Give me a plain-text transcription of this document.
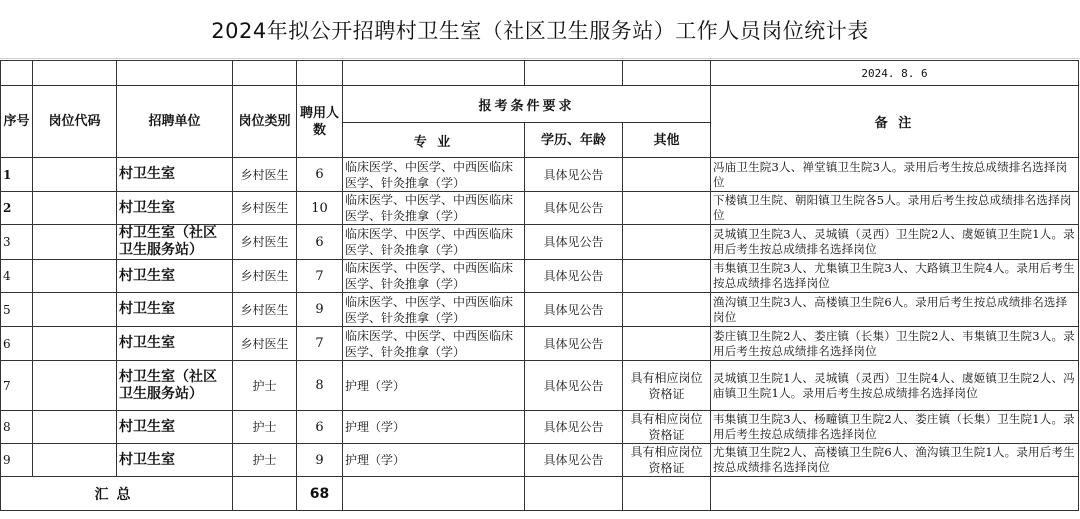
2024年拟公开招聘村卫生室（社区卫生服务站）工作人员岗位统计表
								2024. 8. 6
序号	岗位代码	招聘单位	岗位类别	聘用人数	报考条件要求			备 注
					专 业	学历、年龄	其他	
1		村卫生室	乡村医生	6	临床医学、中医学、中西医临床医学、针灸推拿（学）	具体见公告		冯庙卫生院3人、禅堂镇卫生院3人。录用后考生按总成绩排名选择岗位
2		村卫生室	乡村医生	10	临床医学、中医学、中西医临床医学、针灸推拿（学）	具体见公告		下楼镇卫生院、朝阳镇卫生院各5人。录用后考生按总成绩排名选择岗位
3		村卫生室（社区卫生服务站）	乡村医生	6	临床医学、中医学、中西医临床医学、针灸推拿（学）	具体见公告		灵城镇卫生院3人、灵城镇（灵西）卫生院2人、虞姬镇卫生院1人。录用后考生按总成绩排名选择岗位
4		村卫生室	乡村医生	7	临床医学、中医学、中西医临床医学、针灸推拿（学）	具体见公告		韦集镇卫生院3人、尤集镇卫生院3人、大路镇卫生院4人。录用后考生按总成绩排名选择岗位
5		村卫生室	乡村医生	9	临床医学、中医学、中西医临床医学、针灸推拿（学）	具体见公告		渔沟镇卫生院3人、高楼镇卫生院6人。录用后考生按总成绩排名选择岗位
6		村卫生室	乡村医生	7	临床医学、中医学、中西医临床医学、针灸推拿（学）	具体见公告		娄庄镇卫生院2人、娄庄镇（长集）卫生院2人、韦集镇卫生院3人。录用后考生按总成绩排名选择岗位
7		村卫生室（社区卫生服务站）	护士	8	护理（学）	具体见公告	具有相应岗位资格证	灵城镇卫生院1人、灵城镇（灵西）卫生院4人、虞姬镇卫生院2人、冯庙镇卫生院1人。录用后考生按总成绩排名选择岗位
8		村卫生室	护士	6	护理（学）	具体见公告	具有相应岗位资格证	韦集镇卫生院3人、杨疃镇卫生院2人、娄庄镇（长集）卫生院1人。录用后考生按总成绩排名选择岗位
9		村卫生室	护士	9	护理（学）	具体见公告	具有相应岗位资格证	尤集镇卫生院2人、高楼镇卫生院6人、渔沟镇卫生院1人。录用后考生按总成绩排名选择岗位
汇总				68				
